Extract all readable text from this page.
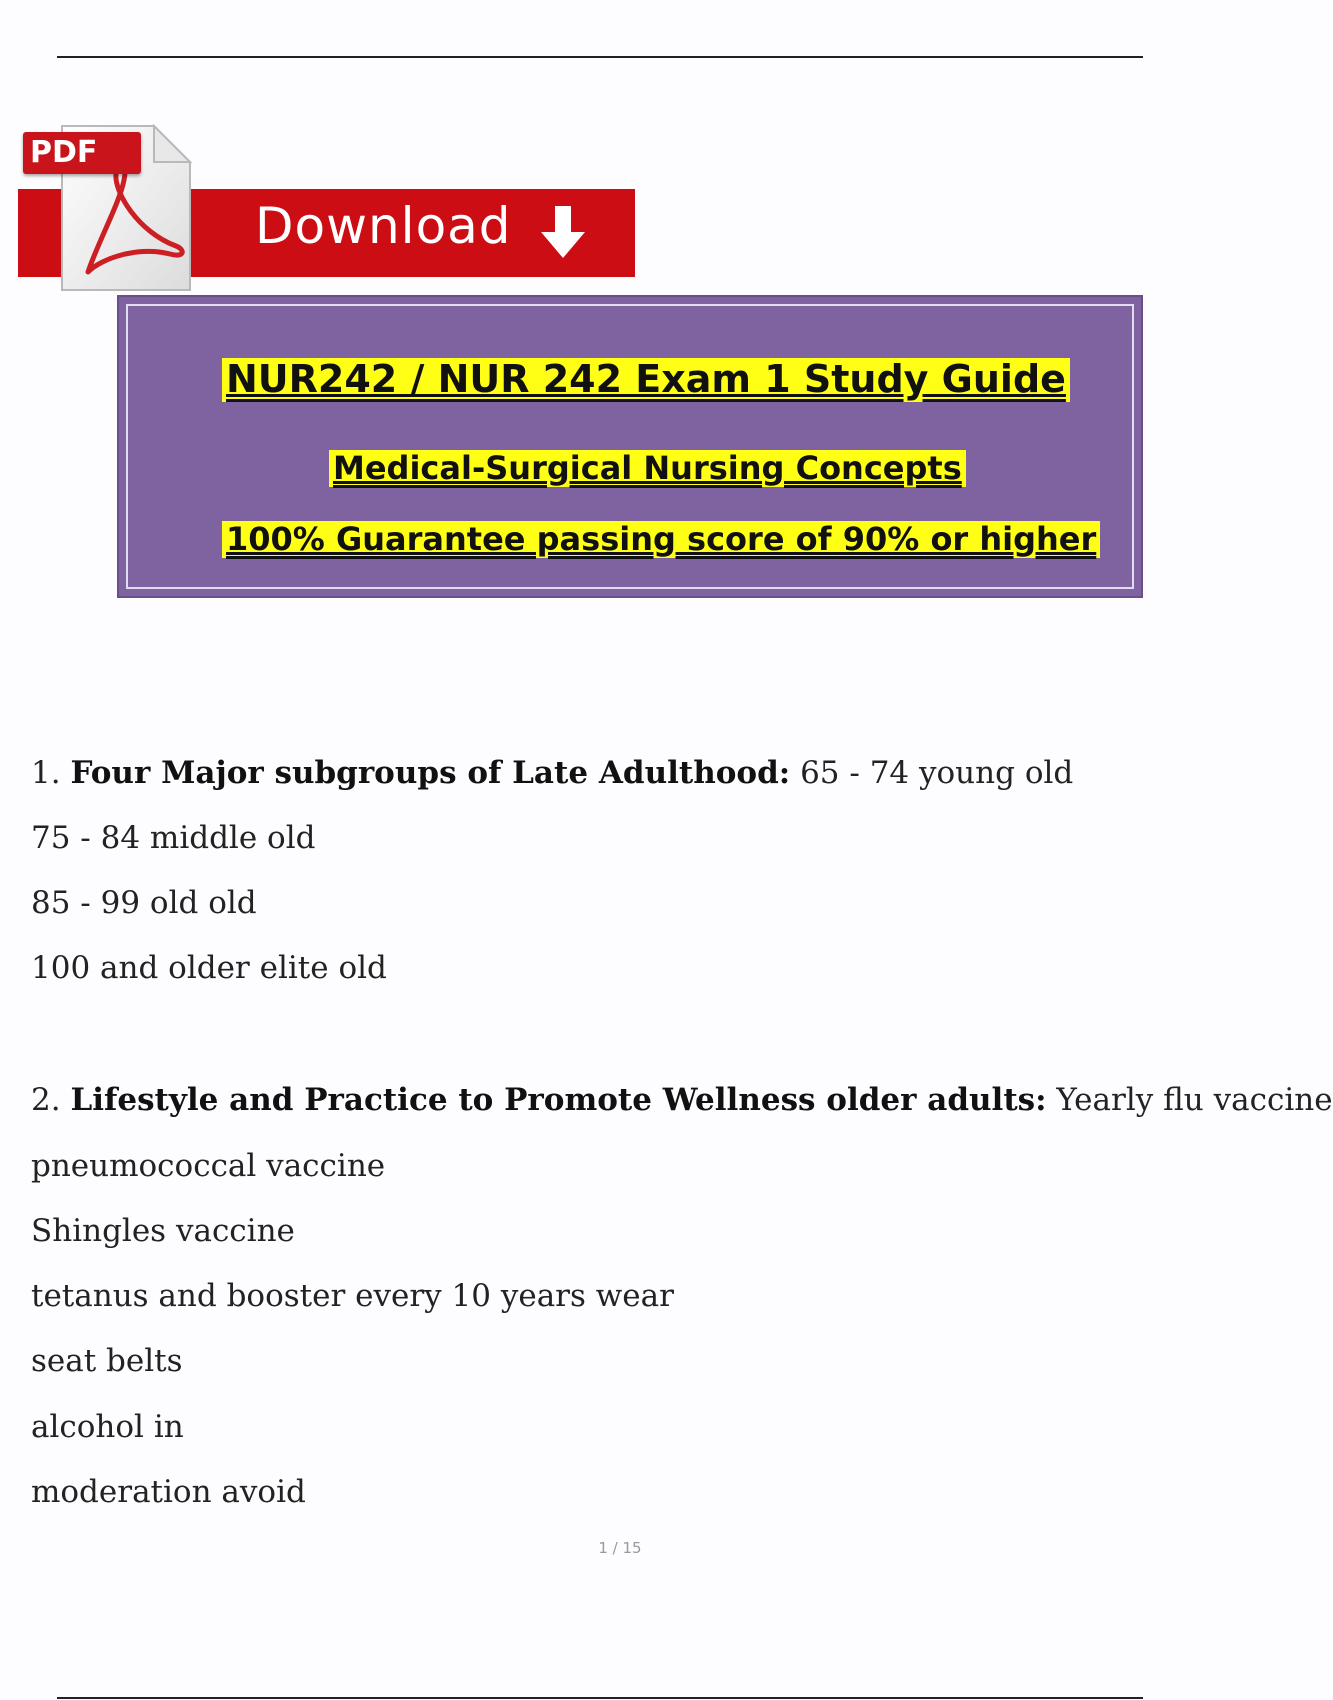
Download
PDF
NUR242 / NUR 242 Exam 1 Study Guide
Medical-Surgical Nursing Concepts
100% Guarantee passing score of 90% or higher
1. Four Major subgroups of Late Adulthood: 65 - 74 young old
75 - 84 middle old
85 - 99 old old
100 and older elite old
2. Lifestyle and Practice to Promote Wellness older adults: Yearly flu vaccine
pneumococcal vaccine
Shingles vaccine
tetanus and booster every 10 years wear
seat belts
alcohol in
moderation avoid
1 / 15
